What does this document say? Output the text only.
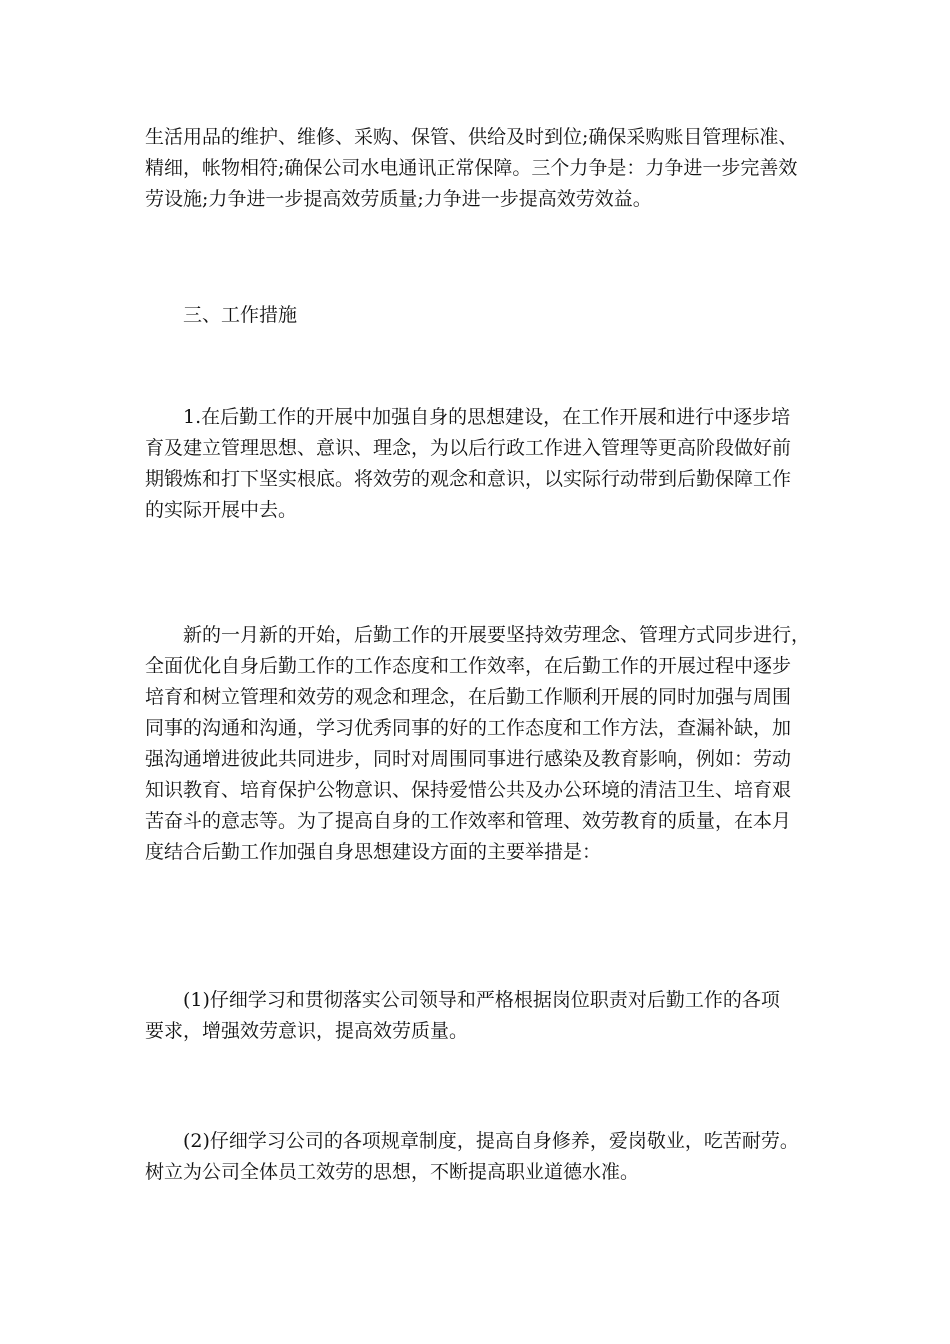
生活用品的维护、维修、采购、保管、供给及时到位;确保采购账目管理标准、
精细，帐物相符;确保公司水电通讯正常保障。三个力争是：力争进一步完善效
劳设施;力争进一步提高效劳质量;力争进一步提高效劳效益。
　　三、工作措施
　　1.在后勤工作的开展中加强自身的思想建设，在工作开展和进行中逐步培
育及建立管理思想、意识、理念，为以后行政工作进入管理等更高阶段做好前
期锻炼和打下坚实根底。将效劳的观念和意识，以实际行动带到后勤保障工作
的实际开展中去。
　　新的一月新的开始，后勤工作的开展要坚持效劳理念、管理方式同步进行，
全面优化自身后勤工作的工作态度和工作效率，在后勤工作的开展过程中逐步
培育和树立管理和效劳的观念和理念，在后勤工作顺利开展的同时加强与周围
同事的沟通和沟通，学习优秀同事的好的工作态度和工作方法，查漏补缺，加
强沟通增进彼此共同进步，同时对周围同事进行感染及教育影响，例如：劳动
知识教育、培育保护公物意识、保持爱惜公共及办公环境的清洁卫生、培育艰
苦奋斗的意志等。为了提高自身的工作效率和管理、效劳教育的质量，在本月
度结合后勤工作加强自身思想建设方面的主要举措是：
　　(1)仔细学习和贯彻落实公司领导和严格根据岗位职责对后勤工作的各项
要求，增强效劳意识，提高效劳质量。
　　(2)仔细学习公司的各项规章制度，提高自身修养，爱岗敬业，吃苦耐劳。
树立为公司全体员工效劳的思想，不断提高职业道德水准。
